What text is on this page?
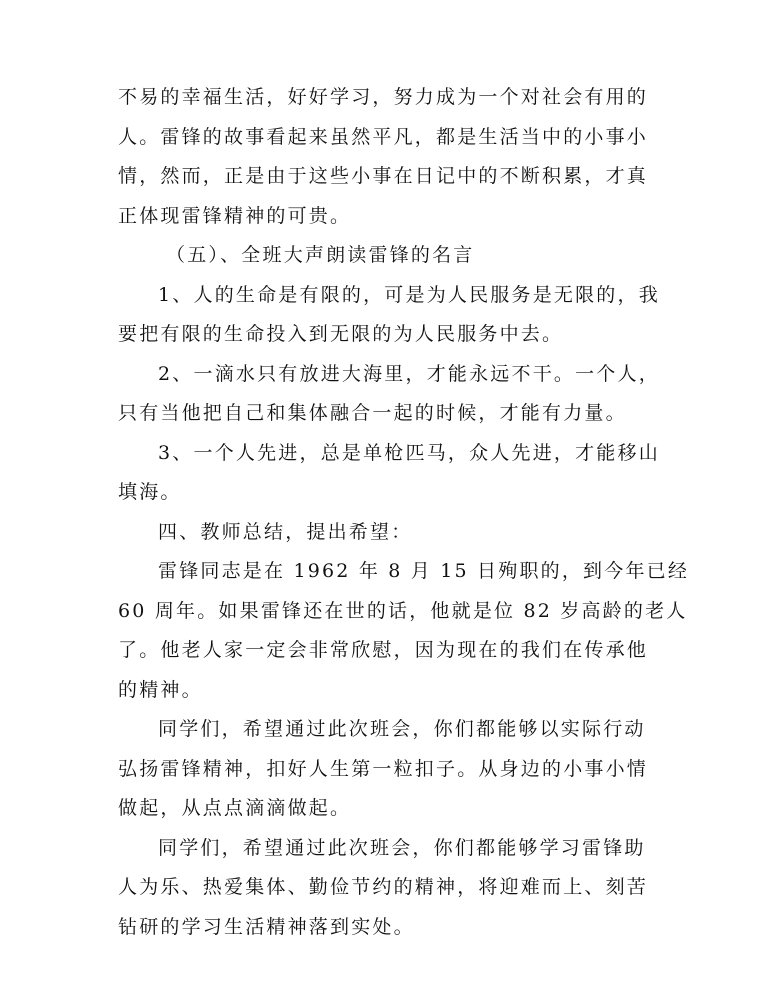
不易的幸福生活，好好学习，努力成为一个对社会有用的
人。雷锋的故事看起来虽然平凡，都是生活当中的小事小
情，然而，正是由于这些小事在日记中的不断积累，才真
正体现雷锋精神的可贵。
（五）、全班大声朗读雷锋的名言
1、人的生命是有限的，可是为人民服务是无限的，我
要把有限的生命投入到无限的为人民服务中去。
2、一滴水只有放进大海里，才能永远不干。一个人，
只有当他把自己和集体融合一起的时候，才能有力量。
3、一个人先进，总是单枪匹马，众人先进，才能移山
填海。
四、教师总结，提出希望：
雷锋同志是在 1962 年 8 月 15 日殉职的，到今年已经
60 周年。如果雷锋还在世的话，他就是位 82 岁高龄的老人
了。他老人家一定会非常欣慰，因为现在的我们在传承他
的精神。
同学们，希望通过此次班会，你们都能够以实际行动
弘扬雷锋精神，扣好人生第一粒扣子。从身边的小事小情
做起，从点点滴滴做起。
同学们，希望通过此次班会，你们都能够学习雷锋助
人为乐、热爱集体、勤俭节约的精神，将迎难而上、刻苦
钻研的学习生活精神落到实处。
